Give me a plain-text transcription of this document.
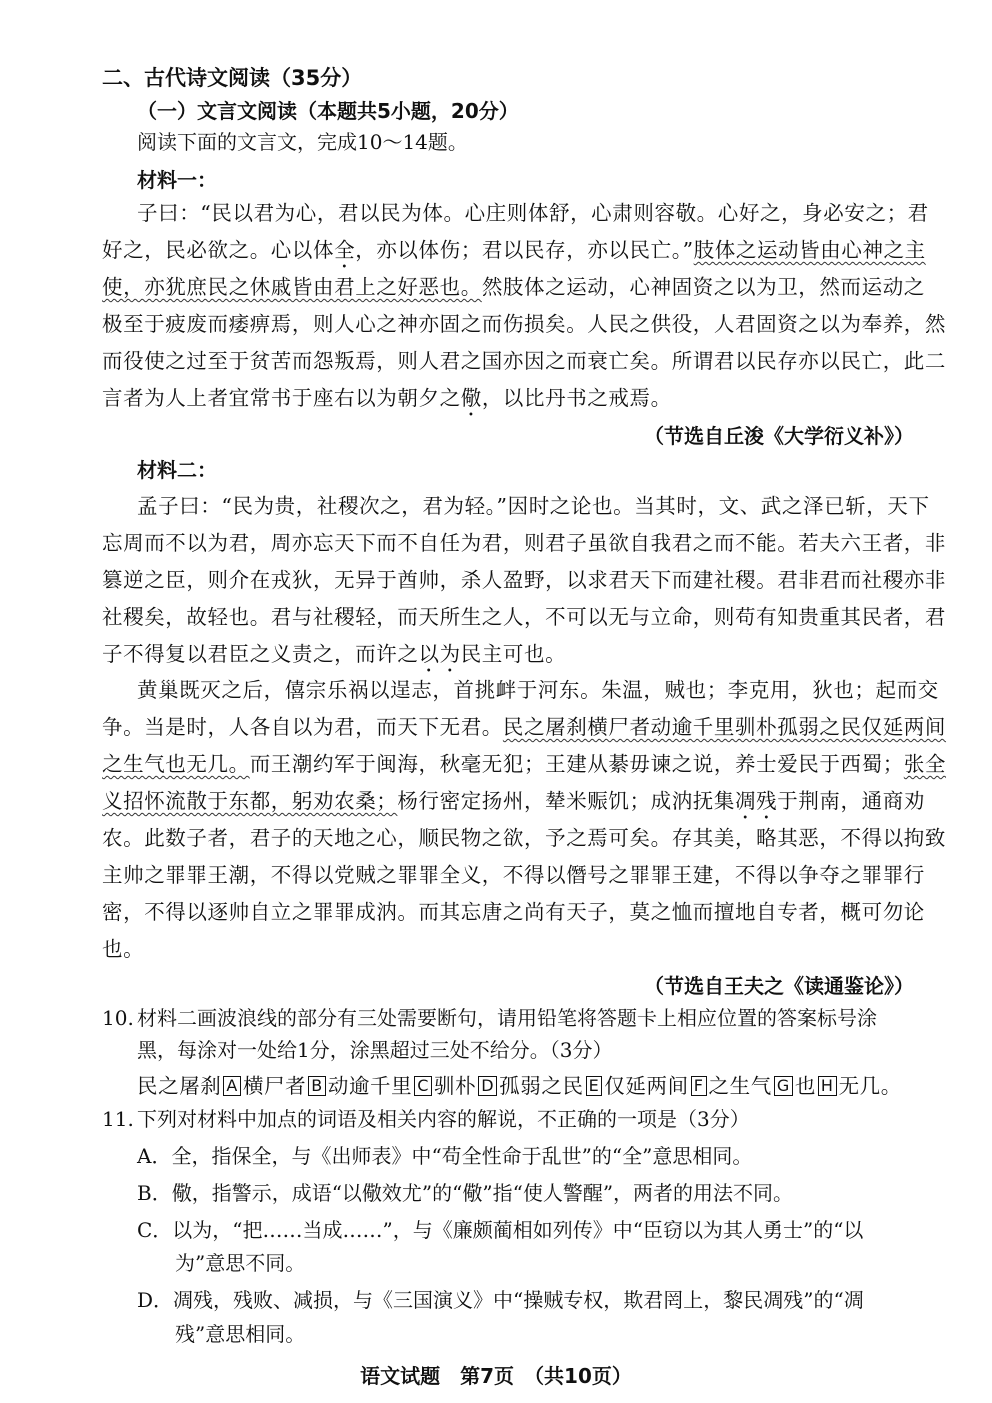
二、古代诗文阅读（35分）
（一）文言文阅读（本题共5小题，20分）
阅读下面的文言文，完成10～14题。
材料一：
子曰：“民以君为心，君以民为体。心庄则体舒，心肃则容敬。心好之，身必安之；君
好之，民必欲之。心以体全，亦以体伤；君以民存，亦以民亡。”肢体之运动皆由心神之主
使，亦犹庶民之休戚皆由君上之好恶也。然肢体之运动，心神固资之以为卫，然而运动之
极至于疲废而痿痹焉，则人心之神亦固之而伤损矣。人民之供役，人君固资之以为奉养，然
而役使之过至于贫苦而怨叛焉，则人君之国亦因之而衰亡矣。所谓君以民存亦以民亡，此二
言者为人上者宜常书于座右以为朝夕之儆，以比丹书之戒焉。
（节选自丘浚《大学衍义补》）
材料二：
孟子曰：“民为贵，社稷次之，君为轻。”因时之论也。当其时，文、武之泽已斩，天下
忘周而不以为君，周亦忘天下而不自任为君，则君子虽欲自我君之而不能。若夫六王者，非
篡逆之臣，则介在戎狄，无异于酋帅，杀人盈野，以求君天下而建社稷。君非君而社稷亦非
社稷矣，故轻也。君与社稷轻，而天所生之人，不可以无与立命，则苟有知贵重其民者，君
子不得复以君臣之义责之，而许之以为民主可也。
黄巢既灭之后，僖宗乐祸以逞志，首挑衅于河东。朱温，贼也；李克用，狄也；起而交
争。当是时，人各自以为君，而天下无君。民之屠刹横尸者动逾千里驯朴孤弱之民仅延两间
之生气也无几。而王潮约军于闽海，秋毫无犯；王建从綦毋谏之说，养士爱民于西蜀；张全
义招怀流散于东都，躬劝农桑；杨行密定扬州，辇米赈饥；成汭抚集凋残于荆南，通商劝
农。此数子者，君子的天地之心，顺民物之欲，予之焉可矣。存其美，略其恶，不得以拘致
主帅之罪罪王潮，不得以党贼之罪罪全义，不得以僭号之罪罪王建，不得以争夺之罪罪行
密，不得以逐帅自立之罪罪成汭。而其忘唐之尚有天子，莫之恤而擅地自专者，概可勿论
也。
（节选自王夫之《读通鉴论》）
10. 材料二画波浪线的部分有三处需要断句，请用铅笔将答题卡上相应位置的答案标号涂
黑，每涂对一处给1分，涂黑超过三处不给分。（3分）
民之屠刹 A 横尸者 B 动逾千里 C 驯朴 D 孤弱之民 E 仅延两间 F 之生气 G 也 H 无几。
11. 下列对材料中加点的词语及相关内容的解说，不正确的一项是（3分）
A．全，指保全，与《出师表》中“苟全性命于乱世”的“全”意思相同。
B．儆，指警示，成语“以儆效尤”的“儆”指“使人警醒”，两者的用法不同。
C．以为，“把……当成……”，与《廉颇蔺相如列传》中“臣窃以为其人勇士”的“以
为”意思不同。
D．凋残，残败、减损，与《三国演义》中“操贼专权，欺君罔上，黎民凋残”的“凋
残”意思相同。
语文试题　第7页　（共10页）
